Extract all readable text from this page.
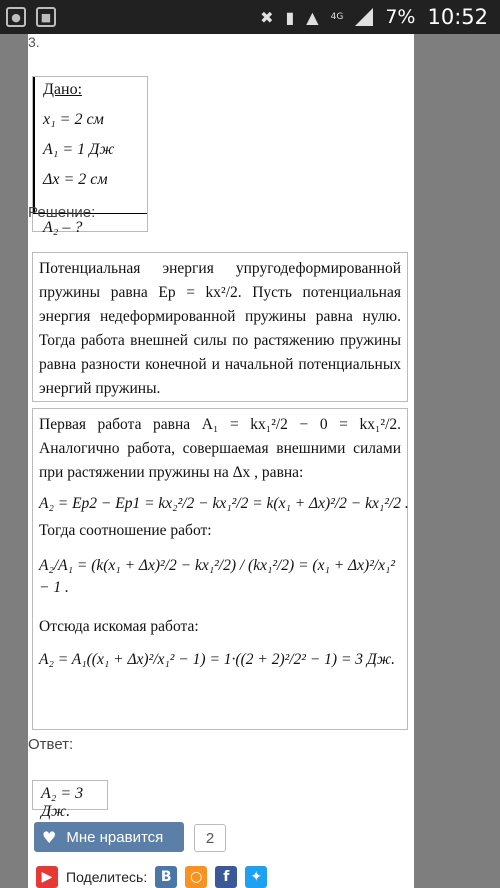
●	■	✖ ▮ ▲ 4G 7% 10:52
3.
Дано:
x₁ = 2 см
A₁ = 1 Дж
Δx = 2 см
A₂ – ?
Решение:
Потенциальная энергия упругодеформированной пружины равна Eр = kx²/2. Пусть потенциальная энергия недеформированной пружины равна нулю. Тогда работа внешней силы по растяжению пружины равна разности конечной и начальной потенциальных энергий пружины.
Первая работа равна A₁ = kx₁²/2 − 0 = kx₁²/2. Аналогично работа, совершаемая внешними силами при растяжении пружины на Δx , равна:
A₂ = Eр2 − Eр1 = kx₂²/2 − kx₁²/2 = k(x₁ + Δx)²/2 − kx₁²/2 .
Тогда соотношение работ:
A₂/A₁ = (k(x₁ + Δx)²/2 − kx₁²/2) / (kx₁²/2) = (x₁ + Δx)²/x₁² − 1 .
Отсюда искомая работа:
A₂ = A₁((x₁ + Δx)²/x₁² − 1) = 1·((2 + 2)²/2² − 1) = 3 Дж.
Ответ:
A₂ = 3 Дж.
♥ Мне нравится	2
▶ Поделитесь: B	○	f	✦
